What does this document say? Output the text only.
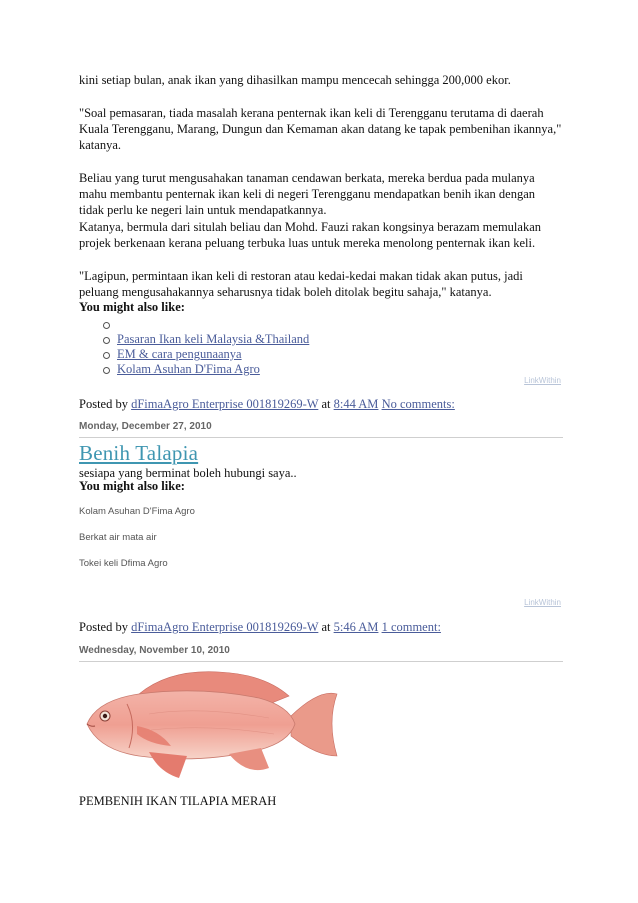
kini setiap bulan, anak ikan yang dihasilkan mampu mencecah sehingga 200,000 ekor.

"Soal pemasaran, tiada masalah kerana penternak ikan keli di Terengganu terutama di daerah Kuala Terengganu, Marang, Dungun dan Kemaman akan datang ke tapak pembenihan ikannya," katanya.

Beliau yang turut mengusahakan tanaman cendawan berkata, mereka berdua pada mulanya mahu membantu penternak ikan keli di negeri Terengganu mendapatkan benih ikan dengan tidak perlu ke negeri lain untuk mendapatkannya.

Katanya, bermula dari situlah beliau dan Mohd. Fauzi rakan kongsinya berazam memulakan projek berkenaan kerana peluang terbuka luas untuk mereka menolong penternak ikan keli.

"Lagipun, permintaan ikan keli di restoran atau kedai-kedai makan tidak akan putus, jadi peluang mengusahakannya seharusnya tidak boleh ditolak begitu sahaja," katanya.

You might also like:

Pasaran Ikan keli Malaysia &Thailand
EM & cara pengunaanya
Kolam Asuhan D'Fima Agro
LinkWithin
Posted by dFimaAgro Enterprise 001819269-W at 8:44 AM No comments:
Monday, December 27, 2010
Benih Talapia

sesiapa yang berminat boleh hubungi saya..

You might also like:
Kolam Asuhan D'Fima Agro
Berkat air mata air
Tokei keli Dfima Agro
LinkWithin
Posted by dFimaAgro Enterprise 001819269-W at 5:46 AM 1 comment:
Wednesday, November 10, 2010

PEMBENIH IKAN TILAPIA MERAH
